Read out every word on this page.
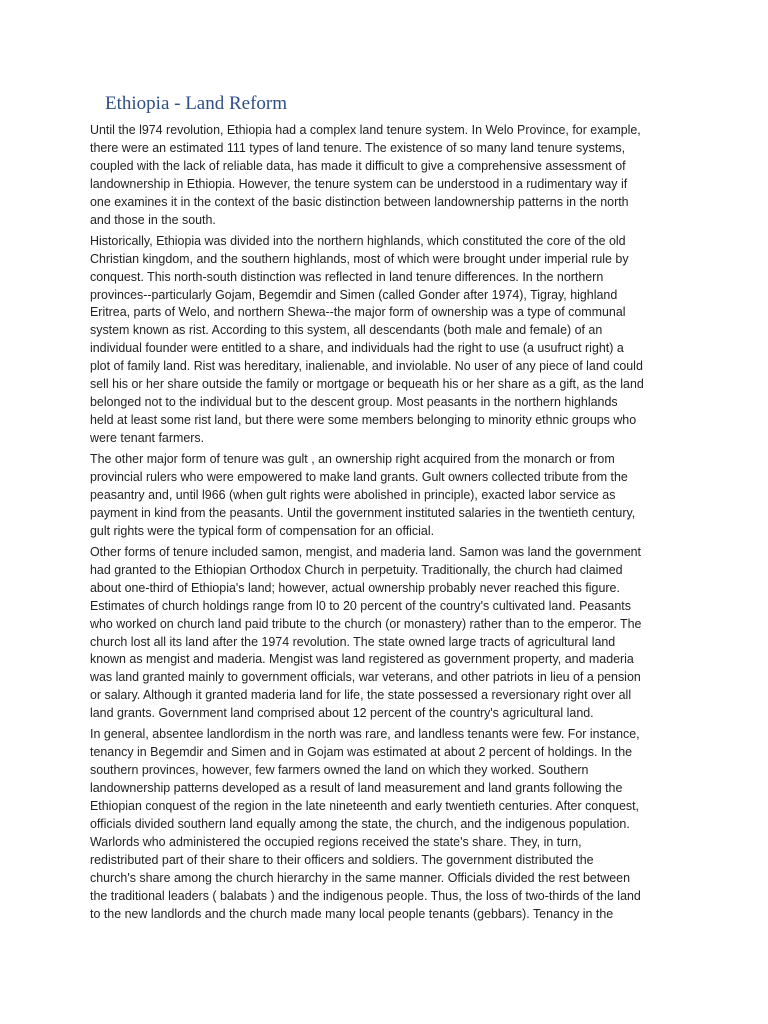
Ethiopia - Land Reform

Until the l974 revolution, Ethiopia had a complex land tenure system. In Welo Province, for example,
there were an estimated 111 types of land tenure. The existence of so many land tenure systems,
coupled with the lack of reliable data, has made it difficult to give a comprehensive assessment of
landownership in Ethiopia. However, the tenure system can be understood in a rudimentary way if
one examines it in the context of the basic distinction between landownership patterns in the north
and those in the south.

Historically, Ethiopia was divided into the northern highlands, which constituted the core of the old
Christian kingdom, and the southern highlands, most of which were brought under imperial rule by
conquest. This north-south distinction was reflected in land tenure differences. In the northern
provinces--particularly Gojam, Begemdir and Simen (called Gonder after 1974), Tigray, highland
Eritrea, parts of Welo, and northern Shewa--the major form of ownership was a type of communal
system known as rist. According to this system, all descendants (both male and female) of an
individual founder were entitled to a share, and individuals had the right to use (a usufruct right) a
plot of family land. Rist was hereditary, inalienable, and inviolable. No user of any piece of land could
sell his or her share outside the family or mortgage or bequeath his or her share as a gift, as the land
belonged not to the individual but to the descent group. Most peasants in the northern highlands
held at least some rist land, but there were some members belonging to minority ethnic groups who
were tenant farmers.

The other major form of tenure was gult , an ownership right acquired from the monarch or from
provincial rulers who were empowered to make land grants. Gult owners collected tribute from the
peasantry and, until l966 (when gult rights were abolished in principle), exacted labor service as
payment in kind from the peasants. Until the government instituted salaries in the twentieth century,
gult rights were the typical form of compensation for an official.

Other forms of tenure included samon, mengist, and maderia land. Samon was land the government
had granted to the Ethiopian Orthodox Church in perpetuity. Traditionally, the church had claimed
about one-third of Ethiopia's land; however, actual ownership probably never reached this figure.
Estimates of church holdings range from l0 to 20 percent of the country's cultivated land. Peasants
who worked on church land paid tribute to the church (or monastery) rather than to the emperor. The
church lost all its land after the 1974 revolution. The state owned large tracts of agricultural land
known as mengist and maderia. Mengist was land registered as government property, and maderia
was land granted mainly to government officials, war veterans, and other patriots in lieu of a pension
or salary. Although it granted maderia land for life, the state possessed a reversionary right over all
land grants. Government land comprised about 12 percent of the country's agricultural land.

In general, absentee landlordism in the north was rare, and landless tenants were few. For instance,
tenancy in Begemdir and Simen and in Gojam was estimated at about 2 percent of holdings. In the
southern provinces, however, few farmers owned the land on which they worked. Southern
landownership patterns developed as a result of land measurement and land grants following the
Ethiopian conquest of the region in the late nineteenth and early twentieth centuries. After conquest,
officials divided southern land equally among the state, the church, and the indigenous population.
Warlords who administered the occupied regions received the state's share. They, in turn,
redistributed part of their share to their officers and soldiers. The government distributed the
church's share among the church hierarchy in the same manner. Officials divided the rest between
the traditional leaders ( balabats ) and the indigenous people. Thus, the loss of two-thirds of the land
to the new landlords and the church made many local people tenants (gebbars). Tenancy in the
